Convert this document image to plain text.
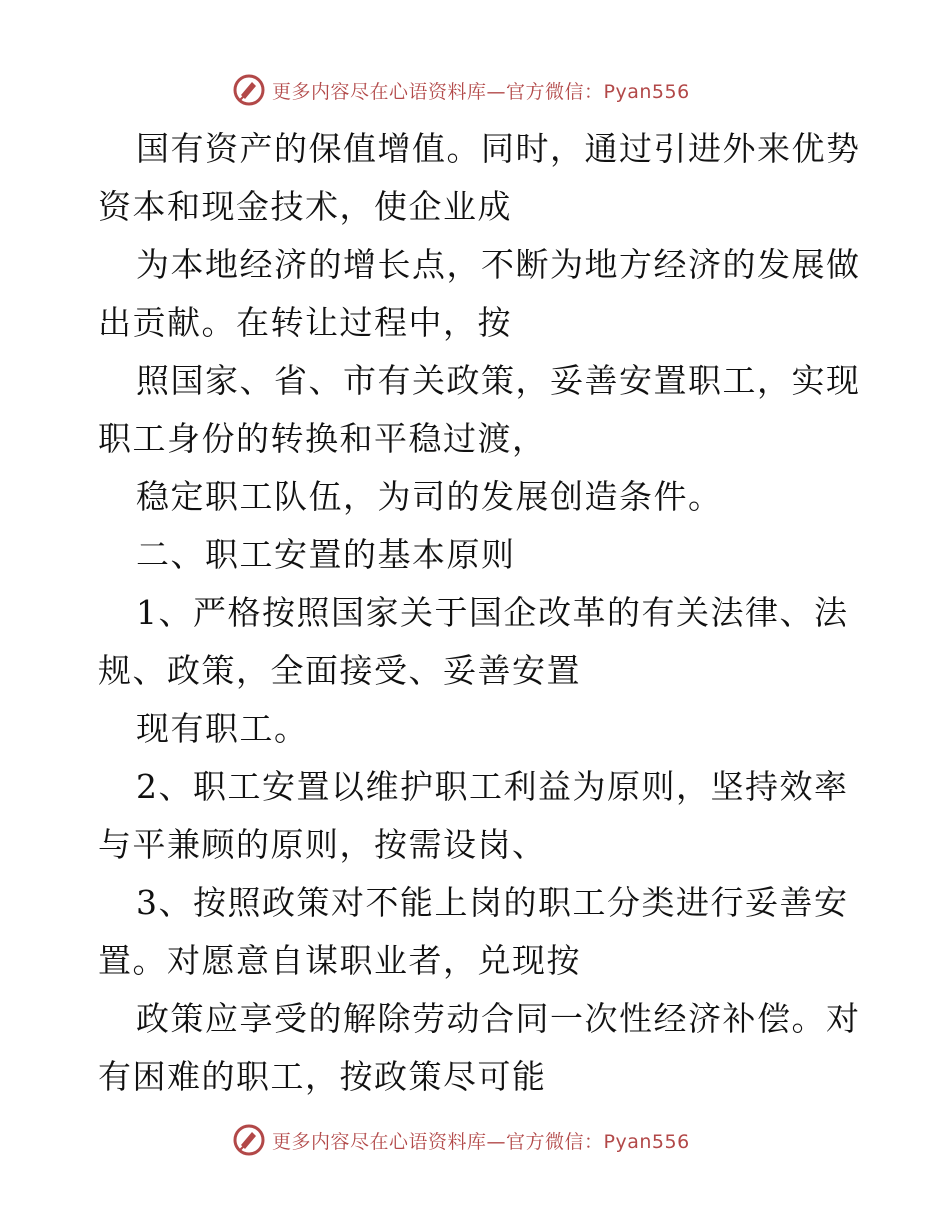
更多内容尽在心语资料库—官方微信：Pyan556
国有资产的保值增值。同时，通过引进外来优势
资本和现金技术，使企业成
为本地经济的增长点，不断为地方经济的发展做
出贡献。在转让过程中，按
照国家、省、市有关政策，妥善安置职工，实现
职工身份的转换和平稳过渡，
稳定职工队伍，为司的发展创造条件。
二、职工安置的基本原则
1、严格按照国家关于国企改革的有关法律、法
规、政策，全面接受、妥善安置
现有职工。
2、职工安置以维护职工利益为原则，坚持效率
与平兼顾的原则，按需设岗、
3、按照政策对不能上岗的职工分类进行妥善安
置。对愿意自谋职业者，兑现按
政策应享受的解除劳动合同一次性经济补偿。对
有困难的职工，按政策尽可能
更多内容尽在心语资料库—官方微信：Pyan556
